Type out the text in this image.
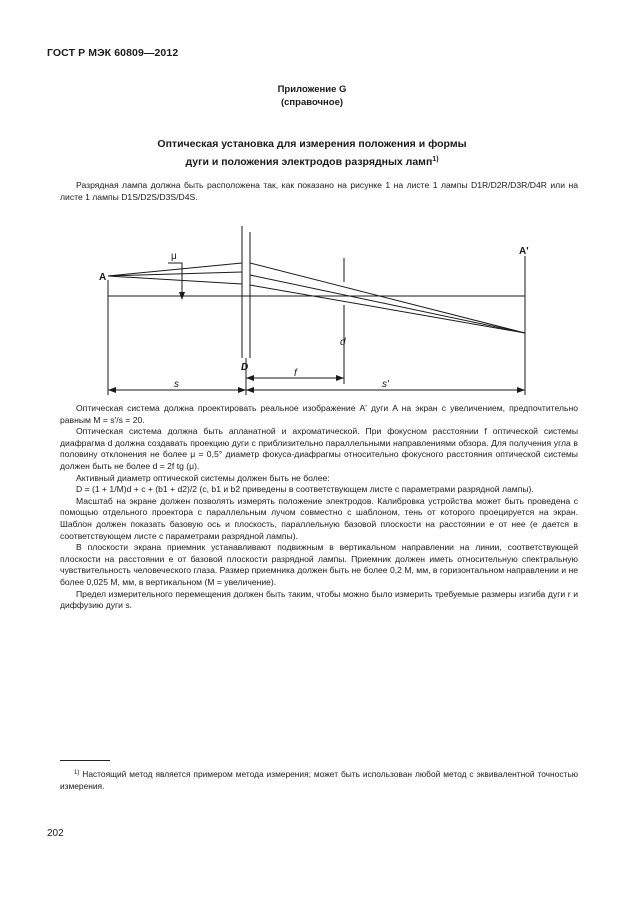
ГОСТ Р МЭК 60809—2012
Приложение G
(справочное)
Оптическая установка для измерения положения и формы
дуги и положения электродов разрядных ламп$^{1)}$

Разрядная лампа должна быть расположена так, как показано на рисунке 1 на листе 1 лампы D1R/D2R/D3R/D4R или на листе 1 лампы D1S/D2S/D3S/D4S.

A
A'
μ
D
d
f
s	s'

Оптическая система должна проектировать реальное изображение A' дуги A на экран с увеличением, предпочтительно равным M = s'/s = 20.

Оптическая система должна быть апланатной и ахроматической. При фокусном расстоянии f оптической системы диафрагма d должна создавать проекцию дуги с приблизительно параллельными направлениями обзора. Для получения угла в половину отклонения не более μ = 0,5° диаметр фокуса-диафрагмы относительно фокусного расстояния оптической системы должен быть не более d = 2f tg (μ).

Активный диаметр оптической системы должен быть не более:

D = (1 + 1/M)d + c + (b1 + d2)/2 (c, b1 и b2 приведены в соответствующем листе с параметрами разрядной лампы).

Масштаб на экране должен позволять измерять положение электродов. Калибровка устройства может быть проведена с помощью отдельного проектора с параллельным лучом совместно с шаблоном, тень от которого проецируется на экран. Шаблон должен показать базовую ось и плоскость, параллельную базовой плоскости на расстоянии e от нее (e дается в соответствующем листе с параметрами разрядной лампы).

В плоскости экрана приемник устанавливают подвижным в вертикальном направлении на линии, соответствующей плоскости на расстоянии e от базовой плоскости разрядной лампы. Приемник должен иметь относительную спектральную чувствительность человеческого глаза. Размер приемника должен быть не более 0,2 M, мм, в горизонтальном направлении и не более 0,025 M, мм, в вертикальном (M = увеличение).

Предел измерительного перемещения должен быть таким, чтобы можно было измерить требуемые размеры изгиба дуги r и диффузию дуги s.

$^{1)}$ Настоящий метод является примером метода измерения; может быть использован любой метод с эквивалентной точностью измерения.
202
